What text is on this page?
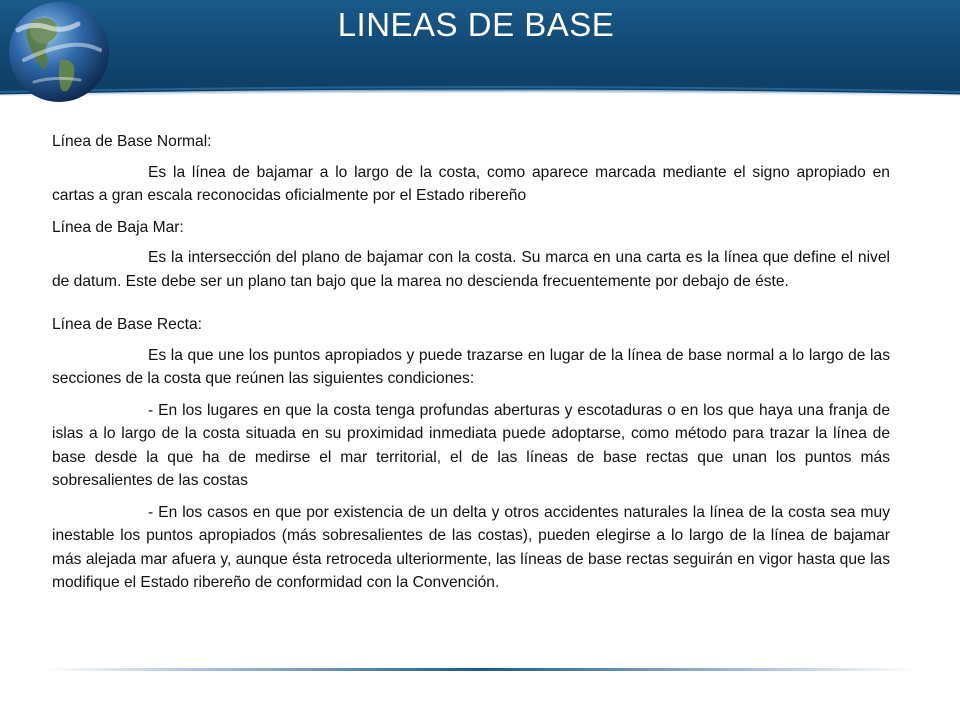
LINEAS DE BASE

Línea de Base Normal:

Es la línea de bajamar a lo largo de la costa, como aparece marcada mediante el signo apropiado en cartas a gran escala reconocidas oficialmente por el Estado ribereño

Línea de Baja Mar:

Es la intersección del plano de bajamar con la costa. Su marca en una carta es la línea que define el nivel de datum. Este debe ser un plano tan bajo que la marea no descienda frecuentemente por debajo de éste.

Línea de Base Recta:

Es la que une los puntos apropiados y puede trazarse en lugar de la línea de base normal a lo largo de las secciones de la costa que reúnen las siguientes condiciones:

- En los lugares en que la costa tenga profundas aberturas y escotaduras o en los que haya una franja de islas a lo largo de la costa situada en su proximidad inmediata puede adoptarse, como método para trazar la línea de base desde la que ha de medirse el mar territorial, el de las líneas de base rectas que unan los puntos más sobresalientes de las costas

- En los casos en que por existencia de un delta y otros accidentes naturales la línea de la costa sea muy inestable los puntos apropiados (más sobresalientes de las costas), pueden elegirse a lo largo de la línea de bajamar más alejada mar afuera y, aunque ésta retroceda ulteriormente, las líneas de base rectas seguirán en vigor hasta que las modifique el Estado ribereño de conformidad con la Convención.
